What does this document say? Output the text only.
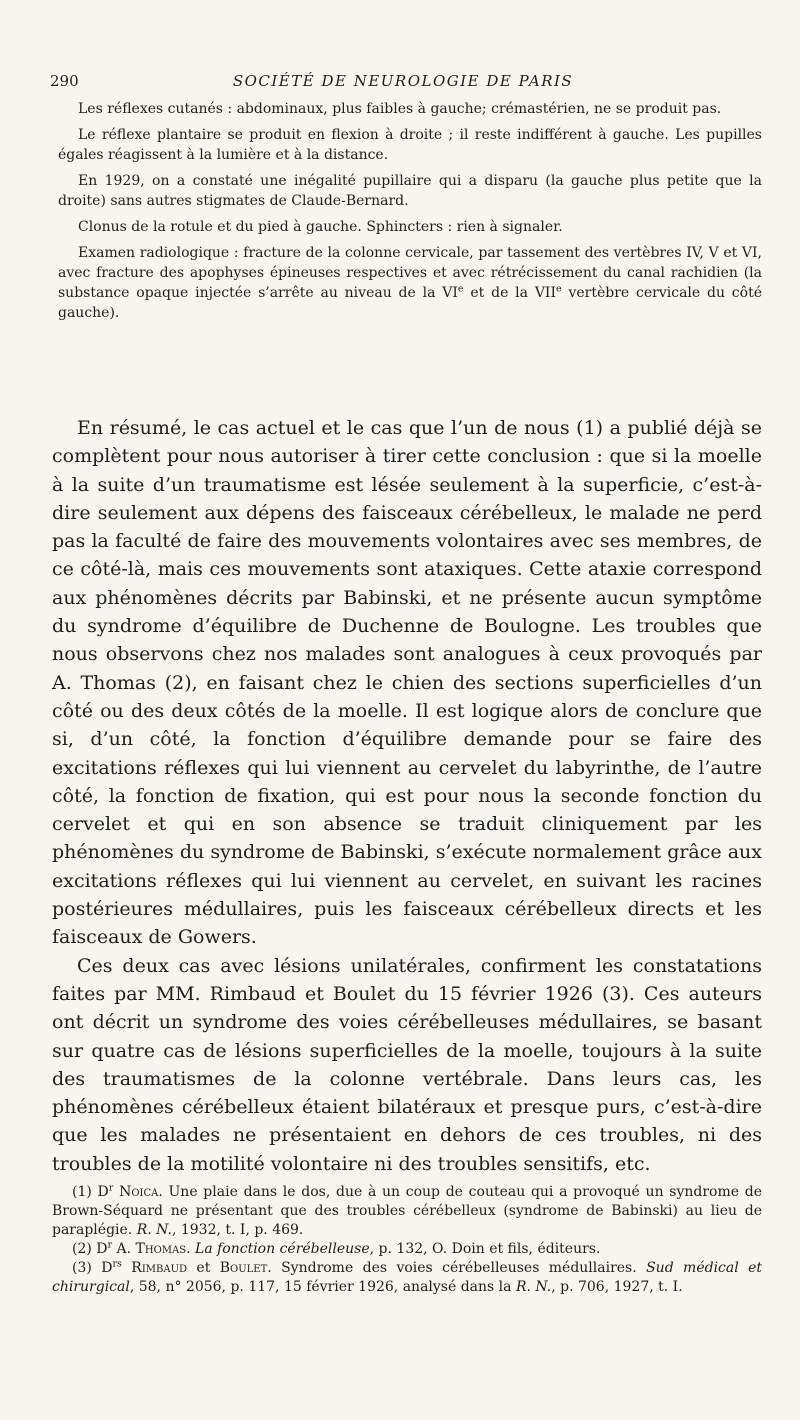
290	SOCIÉTÉ DE NEUROLOGIE DE PARIS

Les réflexes cutanés : abdominaux, plus faibles à gauche; crémastérien, ne se produit pas.

Le réflexe plantaire se produit en flexion à droite ; il reste indifférent à gauche. Les pupilles égales réagissent à la lumière et à la distance.

En 1929, on a constaté une inégalité pupillaire qui a disparu (la gauche plus petite que la droite) sans autres stigmates de Claude-Bernard.

Clonus de la rotule et du pied à gauche. Sphincters : rien à signaler.

Examen radiologique : fracture de la colonne cervicale, par tassement des vertèbres IV, V et VI, avec fracture des apophyses épineuses respectives et avec rétrécissement du canal rachidien (la substance opaque injectée s’arrête au niveau de la VIe et de la VIIe vertèbre cervicale du côté gauche).

En résumé, le cas actuel et le cas que l’un de nous (1) a publié déjà se complètent pour nous autoriser à tirer cette conclusion : que si la moelle à la suite d’un traumatisme est lésée seulement à la superficie, c’est-à-dire seulement aux dépens des faisceaux cérébelleux, le malade ne perd pas la faculté de faire des mouvements volontaires avec ses membres, de ce côté-là, mais ces mouvements sont ataxiques. Cette ataxie correspond aux phénomènes décrits par Babinski, et ne présente aucun symptôme du syndrome d’équilibre de Duchenne de Boulogne. Les troubles que nous observons chez nos malades sont analogues à ceux provoqués par A. Thomas (2), en faisant chez le chien des sections superficielles d’un côté ou des deux côtés de la moelle. Il est logique alors de conclure que si, d’un côté, la fonction d’équilibre demande pour se faire des excitations réflexes qui lui viennent au cervelet du labyrinthe, de l’autre côté, la fonction de fixation, qui est pour nous la seconde fonction du cervelet et qui en son absence se traduit cliniquement par les phénomènes du syndrome de Babinski, s’exécute normalement grâce aux excitations réflexes qui lui viennent au cervelet, en suivant les racines postérieures médullaires, puis les faisceaux cérébelleux directs et les faisceaux de Gowers.

Ces deux cas avec lésions unilatérales, confirment les constatations faites par MM. Rimbaud et Boulet du 15 février 1926 (3). Ces auteurs ont décrit un syndrome des voies cérébelleuses médullaires, se basant sur quatre cas de lésions superficielles de la moelle, toujours à la suite des traumatismes de la colonne vertébrale. Dans leurs cas, les phénomènes cérébelleux étaient bilatéraux et presque purs, c’est-à-dire que les malades ne présentaient en dehors de ces troubles, ni des troubles de la motilité volontaire ni des troubles sensitifs, etc.

(1) $D^r$ Noica. Une plaie dans le dos, due à un coup de couteau qui a provoqué un syndrome de Brown-Séquard ne présentant que des troubles cérébelleux (syndrome de Babinski) au lieu de paraplégie. R. N., 1932, t. I, p. 469.

(2) $D^r$ A. Thomas. La fonction cérébelleuse, p. 132, O. Doin et fils, éditeurs.

(3) $D^{rs}$ Rimbaud et Boulet. Syndrome des voies cérébelleuses médullaires. Sud médical et chirurgical, 58, n° 2056, p. 117, 15 février 1926, analysé dans la R. N., p. 706, 1927, t. I.
